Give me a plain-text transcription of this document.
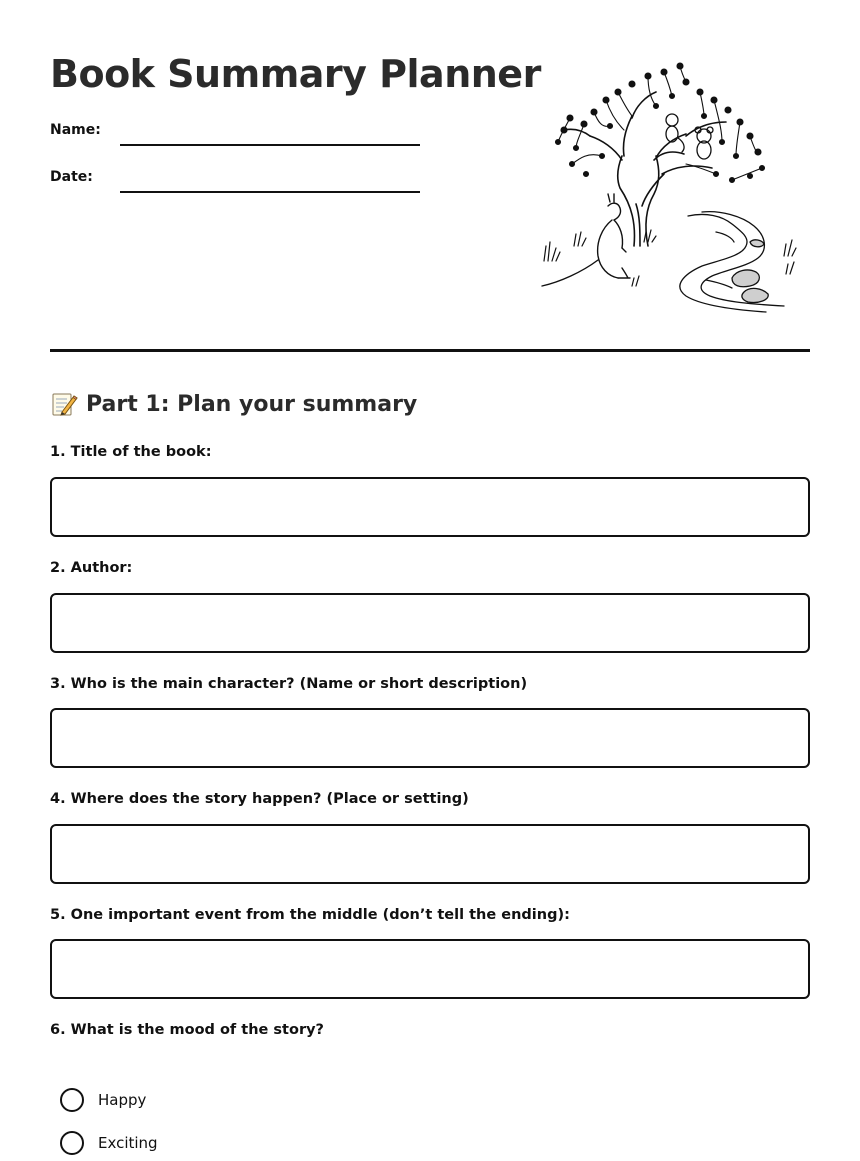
Book Summary Planner
Name:
Date:
Part 1: Plan your summary
1. Title of the book:
2. Author:
3. Who is the main character? (Name or short description)
4. Where does the story happen? (Place or setting)
5. One important event from the middle (don’t tell the ending):
6. What is the mood of the story?
Happy
Exciting
